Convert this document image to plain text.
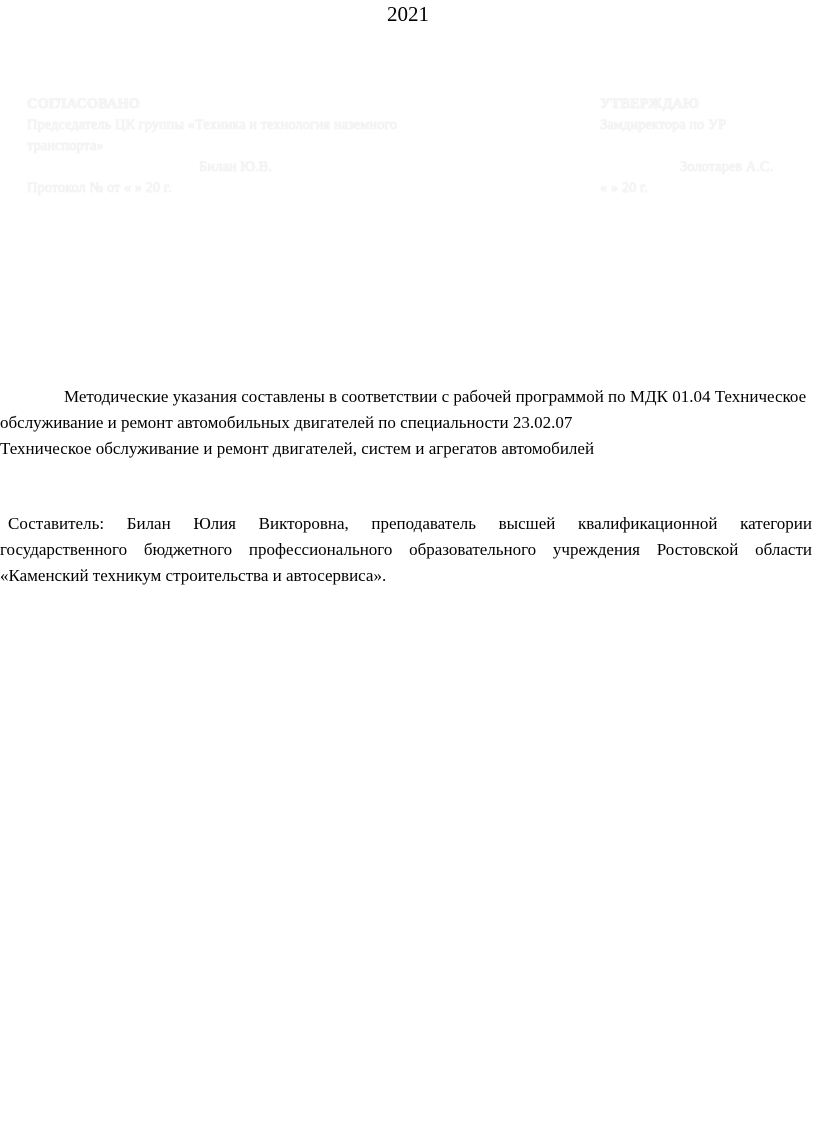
2021
СОГЛАСОВАНО
Председатель ЦК группы «Техника и технология наземного
транспорта»
Билан Ю.В.
Протокол № от « » 20 г.
УТВЕРЖДАЮ
Замдиректора по УР
Золотарев А.С.
« » 20 г.

Методические указания составлены в соответствии с рабочей программой по МДК 01.04 Техническое обслуживание и ремонт автомобильных двигателей по специальности 23.02.07

Техническое обслуживание и ремонт двигателей, систем и агрегатов автомобилей

Составитель: Билан Юлия Викторовна, преподаватель высшей квалификационной категории государственного бюджетного профессионального образовательного учреждения Ростовской области «Каменский техникум строительства и автосервиса».
